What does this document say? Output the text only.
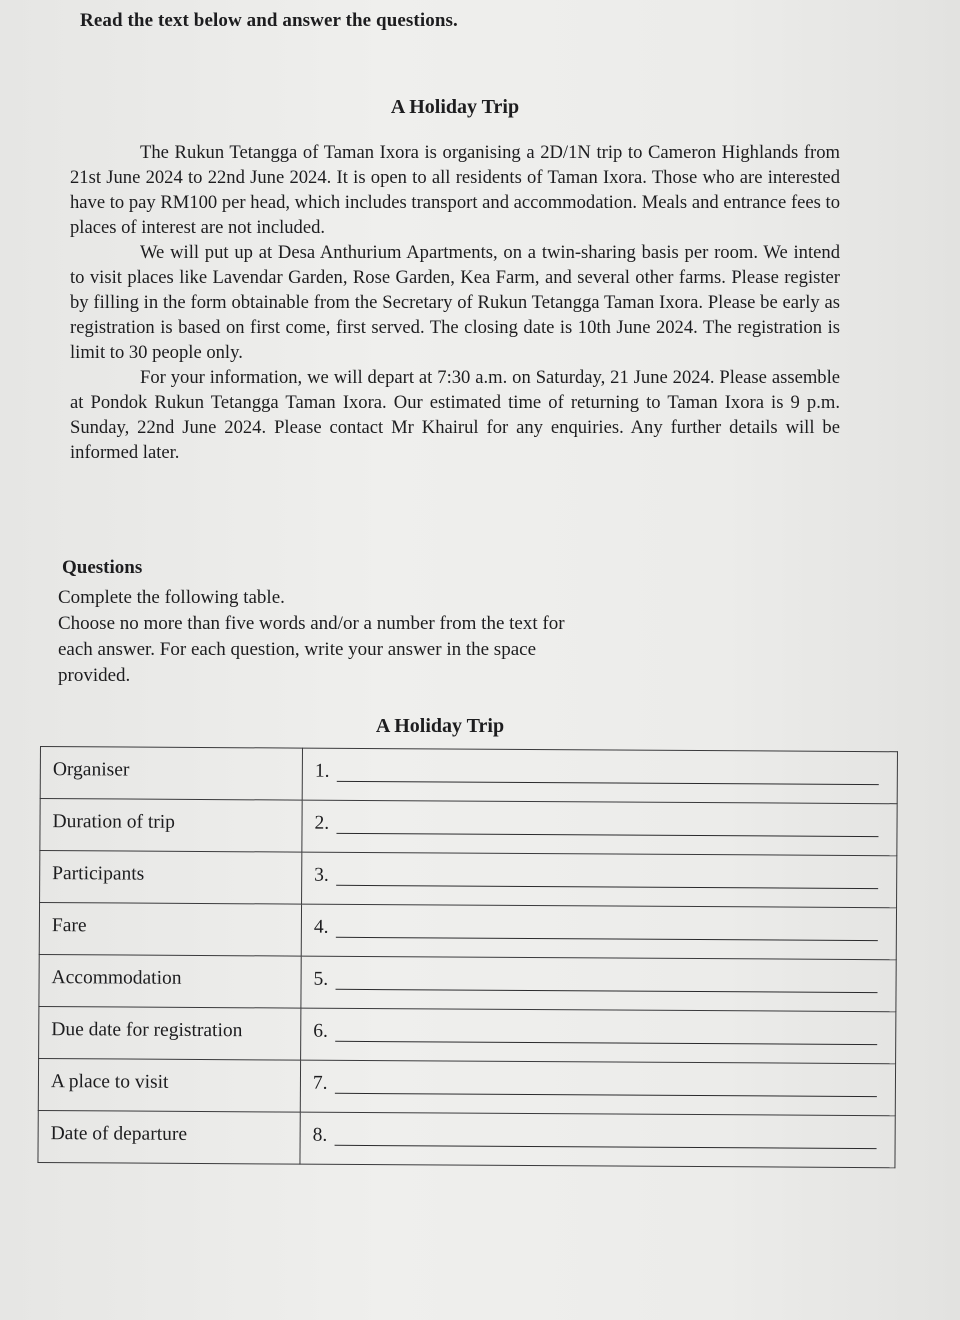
Read the text below and answer the questions.
A Holiday Trip

The Rukun Tetangga of Taman Ixora is organising a 2D/1N trip to Cameron Highlands from 21st June 2024 to 22nd June 2024. It is open to all residents of Taman Ixora. Those who are interested have to pay RM100 per head, which includes transport and accommodation. Meals and entrance fees to places of interest are not included.

We will put up at Desa Anthurium Apartments, on a twin-sharing basis per room. We intend to visit places like Lavendar Garden, Rose Garden, Kea Farm, and several other farms. Please register by filling in the form obtainable from the Secretary of Rukun Tetangga Taman Ixora. Please be early as registration is based on first come, first served. The closing date is 10th June 2024. The registration is limit to 30 people only.

For your information, we will depart at 7:30 a.m. on Saturday, 21 June 2024. Please assemble at Pondok Rukun Tetangga Taman Ixora. Our estimated time of returning to Taman Ixora is 9 p.m. Sunday, 22nd June 2024. Please contact Mr Khairul for any enquiries. Any further details will be informed later.

Questions
Complete the following table.
Choose no more than five words and/or a number from the text for
each answer. For each question, write your answer in the space
provided.
A Holiday Trip
Organiser	1.

Duration of trip	2.

Participants	3.

Fare	4.

Accommodation	5.

Due date for registration	6.

A place to visit	7.

Date of departure	8.
